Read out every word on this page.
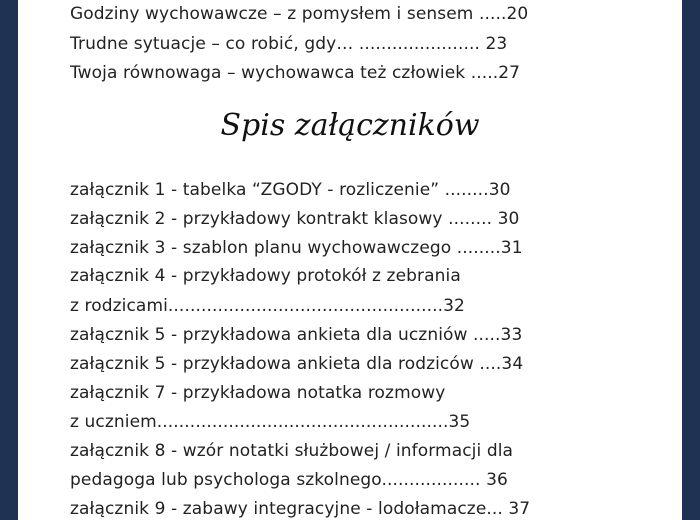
Godziny wychowawcze – z pomysłem i sensem .....20
Trudne sytuacje – co robić, gdy… ...................... 23
Twoja równowaga – wychowawca też człowiek .....27
Spis załączników
załącznik 1 - tabelka “ZGODY - rozliczenie” ........30
załącznik 2 - przykładowy kontrakt klasowy ........ 30
załącznik 3 - szablon planu wychowawczego ........31
załącznik 4 - przykładowy protokół z zebrania
z rodzicami..................................................32
załącznik 5 - przykładowa ankieta dla uczniów .....33
załącznik 5 - przykładowa ankieta dla rodziców ....34
załącznik 7 - przykładowa notatka rozmowy
z uczniem.....................................................35
załącznik 8 - wzór notatki służbowej / informacji dla
pedagoga lub psychologa szkolnego.................. 36
załącznik 9 - zabawy integracyjne - lodołamacze... 37
